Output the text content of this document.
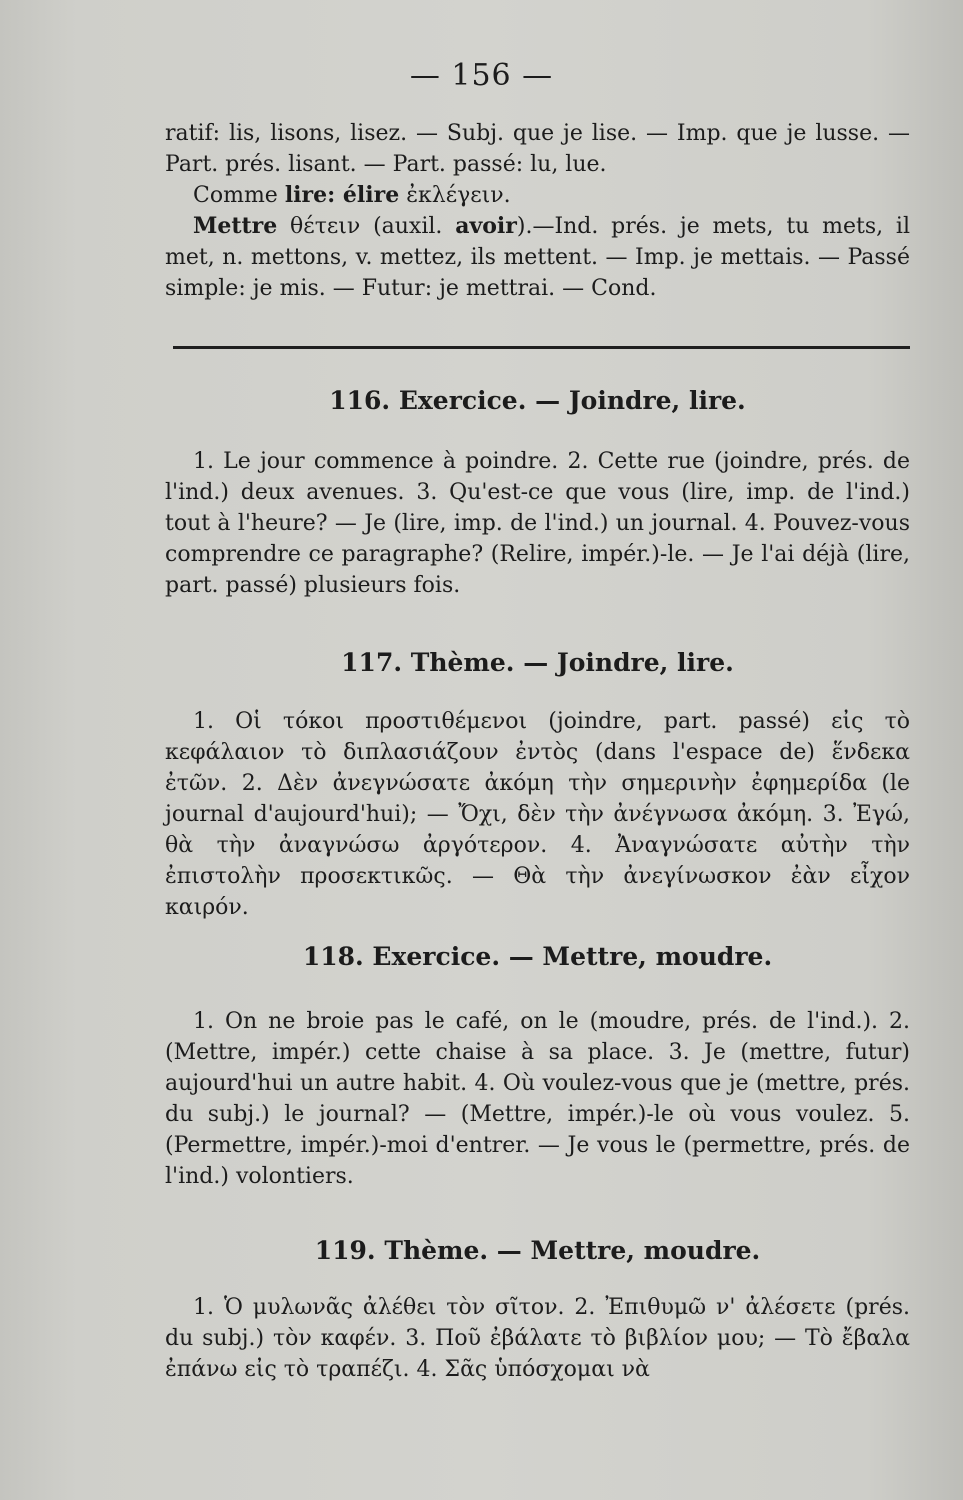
— 156 —

ratif: lis, lisons, lisez. — Subj. que je lise. — Imp. que je lusse. — Part. prés. lisant. — Part. passé: lu, lue.

Comme lire: élire ἐκλέγειν.

Mettre θέτειν (auxil. avoir).—Ind. prés. je mets, tu mets, il met, n. mettons, v. mettez, ils mettent. — Imp. je mettais. — Passé simple: je mis. — Futur: je mettrai. — Cond.

116. Exercice. — Joindre, lire.

1. Le jour commence à poindre. 2. Cette rue (joindre, prés. de l'ind.) deux avenues. 3. Qu'est-ce que vous (lire, imp. de l'ind.) tout à l'heure? — Je (lire, imp. de l'ind.) un journal. 4. Pouvez-vous comprendre ce paragraphe? (Relire, impér.)-le. — Je l'ai déjà (lire, part. passé) plusieurs fois.

117. Thème. — Joindre, lire.

1. Οἱ τόκοι προστιθέμενοι (joindre, part. passé) εἰς τὸ κεφάλαιον τὸ διπλασιάζουν ἐντὸς (dans l'espace de) ἕνδεκα ἐτῶν. 2. Δὲν ἀνεγνώσατε ἀκόμη τὴν σημερινὴν ἐφημερίδα (le journal d'aujourd'hui); — Ὄχι, δὲν τὴν ἀνέγνωσα ἀκόμη. 3. Ἐγώ, θὰ τὴν ἀναγνώσω ἀργότερον. 4. Ἀναγνώσατε αὐτὴν τὴν ἐπιστολὴν προσεκτικῶς. — Θὰ τὴν ἀνεγίνωσκον ἐὰν εἶχον καιρόν.

118. Exercice. — Mettre, moudre.

1. On ne broie pas le café, on le (moudre, prés. de l'ind.). 2. (Mettre, impér.) cette chaise à sa place. 3. Je (mettre, futur) aujourd'hui un autre habit. 4. Où voulez-vous que je (mettre, prés. du subj.) le journal? — (Mettre, impér.)-le où vous voulez. 5. (Permettre, impér.)-moi d'entrer. — Je vous le (permettre, prés. de l'ind.) volontiers.

119. Thème. — Mettre, moudre.

1. Ὁ μυλωνᾶς ἀλέθει τὸν σῖτον. 2. Ἐπιθυμῶ ν' ἀλέσετε (prés. du subj.) τὸν καφέν. 3. Ποῦ ἐβάλατε τὸ βιβλίον μου; — Τὸ ἔβαλα ἐπάνω εἰς τὸ τραπέζι. 4. Σᾶς ὑπόσχομαι νὰ
